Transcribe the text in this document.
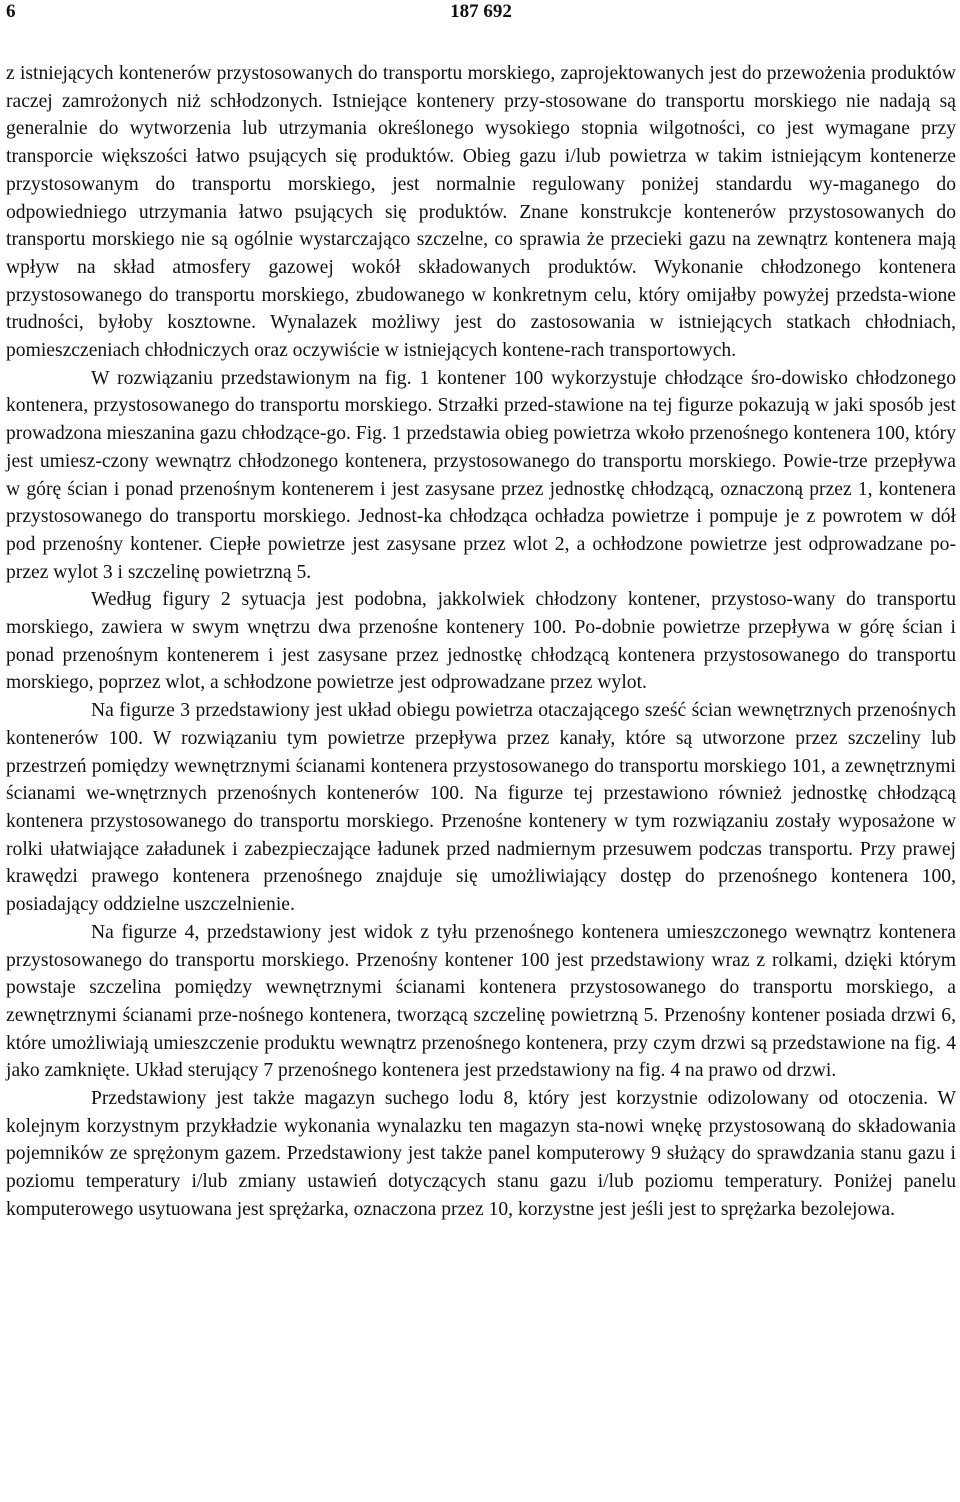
6	187 692

z istniejących kontenerów przystosowanych do transportu morskiego, zaprojektowanych jest do przewożenia produktów raczej zamrożonych niż schłodzonych. Istniejące kontenery przy-stosowane do transportu morskiego nie nadają są generalnie do wytworzenia lub utrzymania określonego wysokiego stopnia wilgotności, co jest wymagane przy transporcie większości łatwo psujących się produktów. Obieg gazu i/lub powietrza w takim istniejącym kontenerze przystosowanym do transportu morskiego, jest normalnie regulowany poniżej standardu wy-maganego do odpowiedniego utrzymania łatwo psujących się produktów. Znane konstrukcje kontenerów przystosowanych do transportu morskiego nie są ogólnie wystarczająco szczelne, co sprawia że przecieki gazu na zewnątrz kontenera mają wpływ na skład atmosfery gazowej wokół składowanych produktów. Wykonanie chłodzonego kontenera przystosowanego do transportu morskiego, zbudowanego w konkretnym celu, który omijałby powyżej przedsta-wione trudności, byłoby kosztowne. Wynalazek możliwy jest do zastosowania w istniejących statkach chłodniach, pomieszczeniach chłodniczych oraz oczywiście w istniejących kontene-rach transportowych.

W rozwiązaniu przedstawionym na fig. 1 kontener 100 wykorzystuje chłodzące śro-dowisko chłodzonego kontenera, przystosowanego do transportu morskiego. Strzałki przed-stawione na tej figurze pokazują w jaki sposób jest prowadzona mieszanina gazu chłodzące-go. Fig. 1 przedstawia obieg powietrza wkoło przenośnego kontenera 100, który jest umiesz-czony wewnątrz chłodzonego kontenera, przystosowanego do transportu morskiego. Powie-trze przepływa w górę ścian i ponad przenośnym kontenerem i jest zasysane przez jednostkę chłodzącą, oznaczoną przez 1, kontenera przystosowanego do transportu morskiego. Jednost-ka chłodząca ochładza powietrze i pompuje je z powrotem w dół pod przenośny kontener. Ciepłe powietrze jest zasysane przez wlot 2, a ochłodzone powietrze jest odprowadzane po-przez wylot 3 i szczelinę powietrzną 5.

Według figury 2 sytuacja jest podobna, jakkolwiek chłodzony kontener, przystoso-wany do transportu morskiego, zawiera w swym wnętrzu dwa przenośne kontenery 100. Po-dobnie powietrze przepływa w górę ścian i ponad przenośnym kontenerem i jest zasysane przez jednostkę chłodzącą kontenera przystosowanego do transportu morskiego, poprzez wlot, a schłodzone powietrze jest odprowadzane przez wylot.

Na figurze 3 przedstawiony jest układ obiegu powietrza otaczającego sześć ścian wewnętrznych przenośnych kontenerów 100. W rozwiązaniu tym powietrze przepływa przez kanały, które są utworzone przez szczeliny lub przestrzeń pomiędzy wewnętrznymi ścianami kontenera przystosowanego do transportu morskiego 101, a zewnętrznymi ścianami we-wnętrznych przenośnych kontenerów 100. Na figurze tej przestawiono również jednostkę chłodzącą kontenera przystosowanego do transportu morskiego. Przenośne kontenery w tym rozwiązaniu zostały wyposażone w rolki ułatwiające załadunek i zabezpieczające ładunek przed nadmiernym przesuwem podczas transportu. Przy prawej krawędzi prawego kontenera przenośnego znajduje się umożliwiający dostęp do przenośnego kontenera 100, posiadający oddzielne uszczelnienie.

Na figurze 4, przedstawiony jest widok z tyłu przenośnego kontenera umieszczonego wewnątrz kontenera przystosowanego do transportu morskiego. Przenośny kontener 100 jest przedstawiony wraz z rolkami, dzięki którym powstaje szczelina pomiędzy wewnętrznymi ścianami kontenera przystosowanego do transportu morskiego, a zewnętrznymi ścianami prze-nośnego kontenera, tworzącą szczelinę powietrzną 5. Przenośny kontener posiada drzwi 6, które umożliwiają umieszczenie produktu wewnątrz przenośnego kontenera, przy czym drzwi są przedstawione na fig. 4 jako zamknięte. Układ sterujący 7 przenośnego kontenera jest przedstawiony na fig. 4 na prawo od drzwi.

Przedstawiony jest także magazyn suchego lodu 8, który jest korzystnie odizolowany od otoczenia. W kolejnym korzystnym przykładzie wykonania wynalazku ten magazyn sta-nowi wnękę przystosowaną do składowania pojemników ze sprężonym gazem. Przedstawiony jest także panel komputerowy 9 służący do sprawdzania stanu gazu i poziomu temperatury i/lub zmiany ustawień dotyczących stanu gazu i/lub poziomu temperatury. Poniżej panelu komputerowego usytuowana jest sprężarka, oznaczona przez 10, korzystne jest jeśli jest to sprężarka bezolejowa.
